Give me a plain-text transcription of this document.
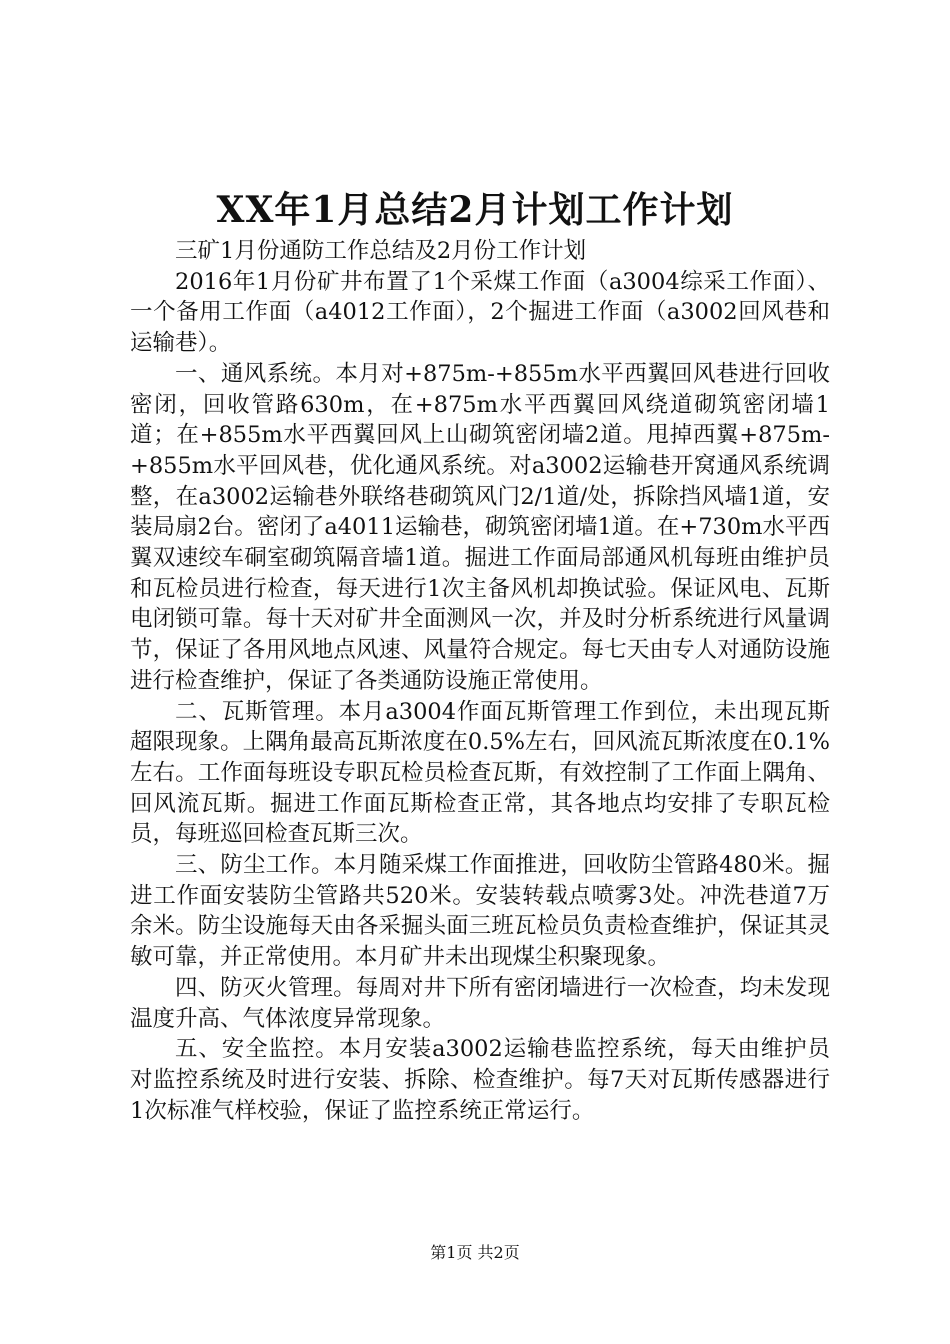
XX年1月总结2月计划工作计划

三矿1月份通防工作总结及2月份工作计划

2016年1月份矿井布置了1个采煤工作面（a3004综采工作面）、一个备用工作面（a4012工作面），2个掘进工作面（a3002回风巷和运输巷）。

一、通风系统。本月对+875m-+855m水平西翼回风巷进行回收密闭，回收管路630m，在+875m水平西翼回风绕道砌筑密闭墙1道；在+855m水平西翼回风上山砌筑密闭墙2道。甩掉西翼+875m-+855m水平回风巷，优化通风系统。对a3002运输巷开窝通风系统调整，在a3002运输巷外联络巷砌筑风门2/1道/处，拆除挡风墙1道，安装局扇2台。密闭了a4011运输巷，砌筑密闭墙1道。在+730m水平西翼双速绞车硐室砌筑隔音墙1道。掘进工作面局部通风机每班由维护员和瓦检员进行检查，每天进行1次主备风机却换试验。保证风电、瓦斯电闭锁可靠。每十天对矿井全面测风一次，并及时分析系统进行风量调节，保证了各用风地点风速、风量符合规定。每七天由专人对通防设施进行检查维护，保证了各类通防设施正常使用。

二、瓦斯管理。本月a3004作面瓦斯管理工作到位，未出现瓦斯超限现象。上隅角最高瓦斯浓度在0.5%左右，回风流瓦斯浓度在0.1%左右。工作面每班设专职瓦检员检查瓦斯，有效控制了工作面上隅角、回风流瓦斯。掘进工作面瓦斯检查正常，其各地点均安排了专职瓦检员，每班巡回检查瓦斯三次。

三、防尘工作。本月随采煤工作面推进，回收防尘管路480米。掘进工作面安装防尘管路共520米。安装转载点喷雾3处。冲洗巷道7万余米。防尘设施每天由各采掘头面三班瓦检员负责检查维护，保证其灵敏可靠，并正常使用。本月矿井未出现煤尘积聚现象。

四、防灭火管理。每周对井下所有密闭墙进行一次检查，均未发现温度升高、气体浓度异常现象。

五、安全监控。本月安装a3002运输巷监控系统，每天由维护员对监控系统及时进行安装、拆除、检查维护。每7天对瓦斯传感器进行1次标准气样校验，保证了监控系统正常运行。

第1页 共2页
